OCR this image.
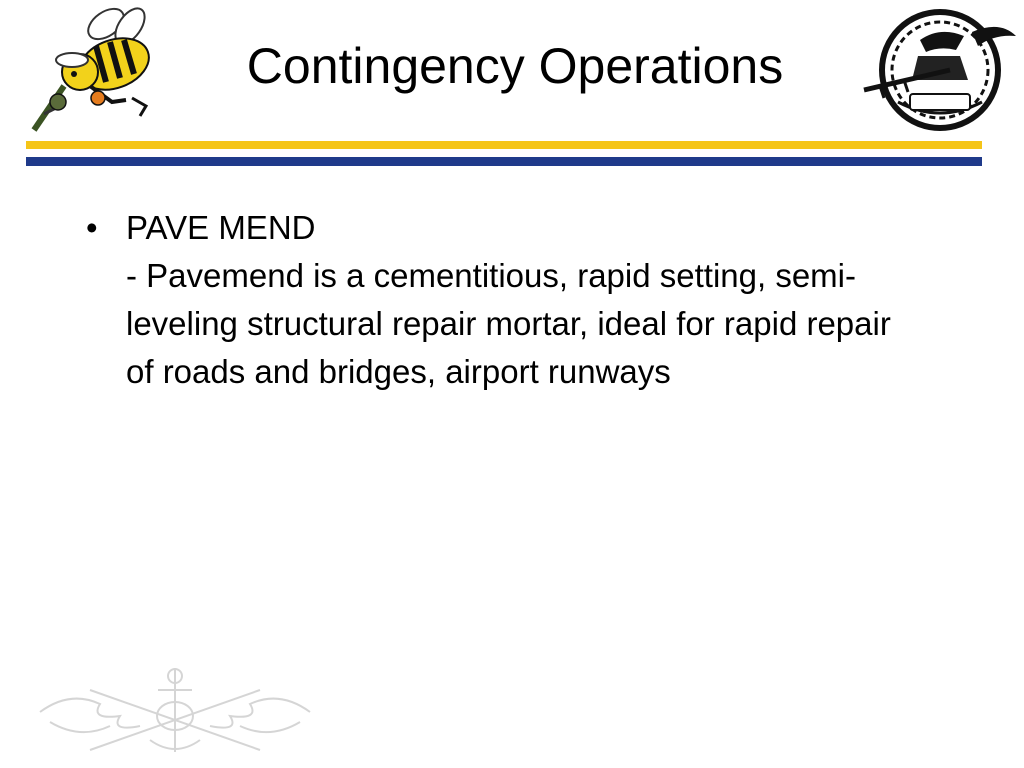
Contingency Operations
• PAVE MEND
- Pavemend is a cementitious, rapid setting, semi-leveling structural repair mortar, ideal for rapid repair of roads and bridges, airport runways
